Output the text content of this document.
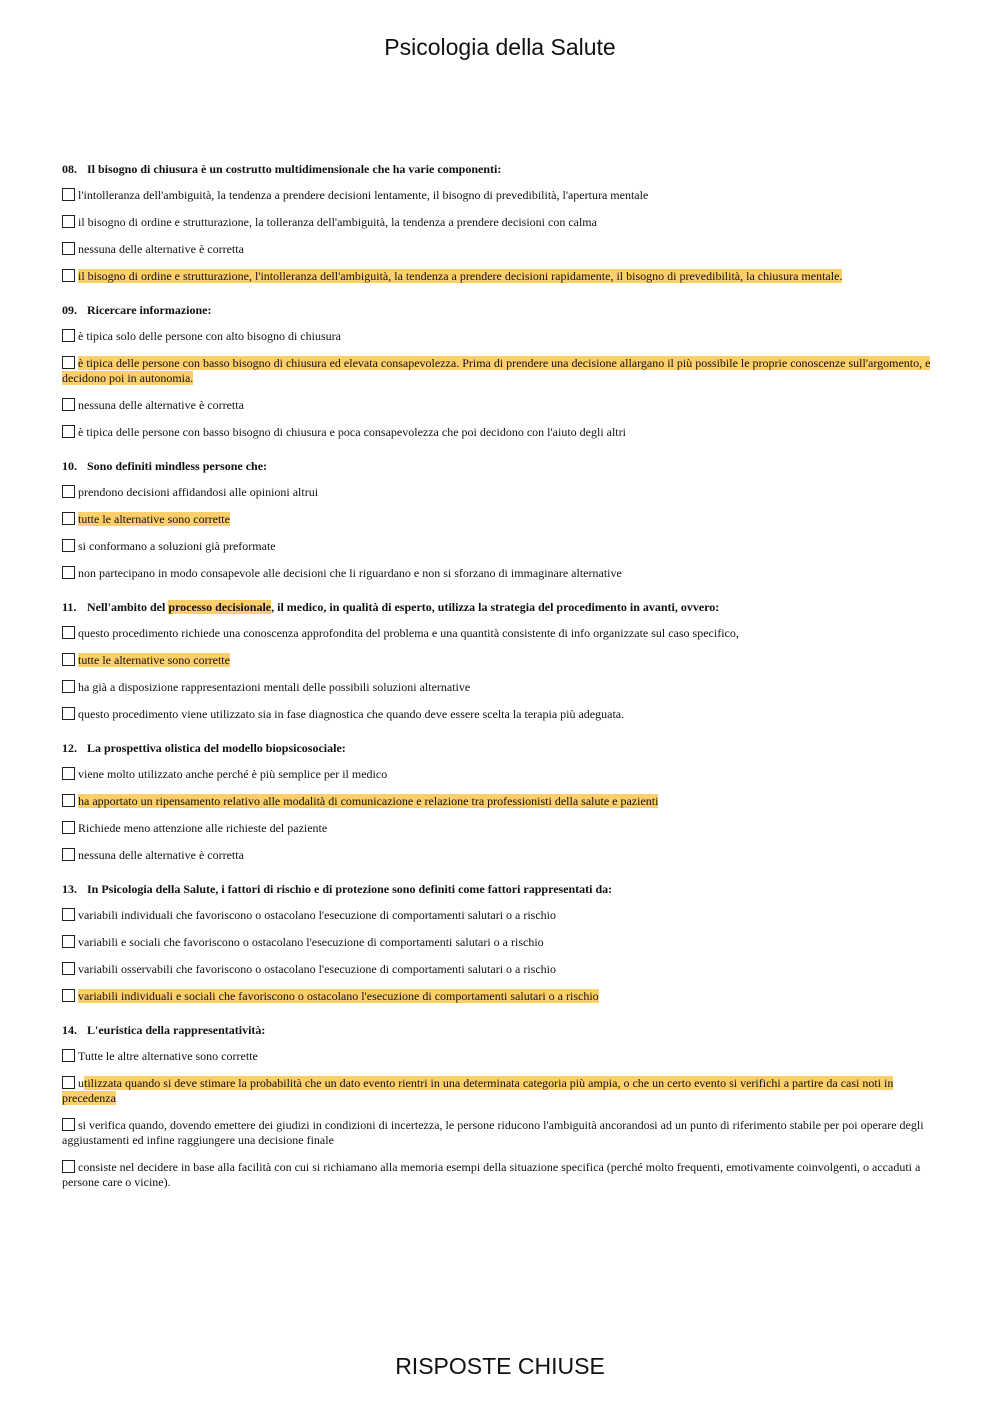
Psicologia della Salute
08. Il bisogno di chiusura è un costrutto multidimensionale che ha varie componenti:
l'intolleranza dell'ambiguità, la tendenza a prendere decisioni lentamente, il bisogno di prevedibilità, l'apertura mentale
il bisogno di ordine e strutturazione, la tolleranza dell'ambiguità, la tendenza a prendere decisioni con calma
nessuna delle alternative è corretta
il bisogno di ordine e strutturazione, l'intolleranza dell'ambiguità, la tendenza a prendere decisioni rapidamente, il bisogno di prevedibilità, la chiusura mentale.
09. Ricercare informazione:
è tipica solo delle persone con alto bisogno di chiusura
è tipica delle persone con basso bisogno di chiusura ed elevata consapevolezza. Prima di prendere una decisione allargano il più possibile le proprie conoscenze sull'argomento, e decidono poi in autonomia.
nessuna delle alternative è corretta
è tipica delle persone con basso bisogno di chiusura e poca consapevolezza che poi decidono con l'aiuto degli altri
10. Sono definiti mindless persone che:
prendono decisioni affidandosi alle opinioni altrui
tutte le alternative sono corrette
si conformano a soluzioni già preformate
non partecipano in modo consapevole alle decisioni che li riguardano e non si sforzano di immaginare alternative
11. Nell'ambito del processo decisionale, il medico, in qualità di esperto, utilizza la strategia del procedimento in avanti, ovvero:
questo procedimento richiede una conoscenza approfondita del problema e una quantità consistente di info organizzate sul caso specifico,
tutte le alternative sono corrette
ha già a disposizione rappresentazioni mentali delle possibili soluzioni alternative
questo procedimento viene utilizzato sia in fase diagnostica che quando deve essere scelta la terapia più adeguata.
12. La prospettiva olistica del modello biopsicosociale:
viene molto utilizzato anche perché è più semplice per il medico
ha apportato un ripensamento relativo alle modalità di comunicazione e relazione tra professionisti della salute e pazienti
Richiede meno attenzione alle richieste del paziente
nessuna delle alternative è corretta
13. In Psicologia della Salute, i fattori di rischio e di protezione sono definiti come fattori rappresentati da:
variabili individuali che favoriscono o ostacolano l'esecuzione di comportamenti salutari o a rischio
variabili e sociali che favoriscono o ostacolano l'esecuzione di comportamenti salutari o a rischio
variabili osservabili che favoriscono o ostacolano l'esecuzione di comportamenti salutari o a rischio
variabili individuali e sociali che favoriscono o ostacolano l'esecuzione di comportamenti salutari o a rischio
14. L'euristica della rappresentatività:
Tutte le altre alternative sono corrette
utilizzata quando si deve stimare la probabilità che un dato evento rientri in una determinata categoria più ampia, o che un certo evento si verifichi a partire da casi noti in precedenza
si verifica quando, dovendo emettere dei giudizi in condizioni di incertezza, le persone riducono l'ambiguità ancorandosi ad un punto di riferimento stabile per poi operare degli aggiustamenti ed infine raggiungere una decisione finale
consiste nel decidere in base alla facilità con cui si richiamano alla memoria esempi della situazione specifica (perché molto frequenti, emotivamente coinvolgenti, o accaduti a persone care o vicine).
RISPOSTE CHIUSE
